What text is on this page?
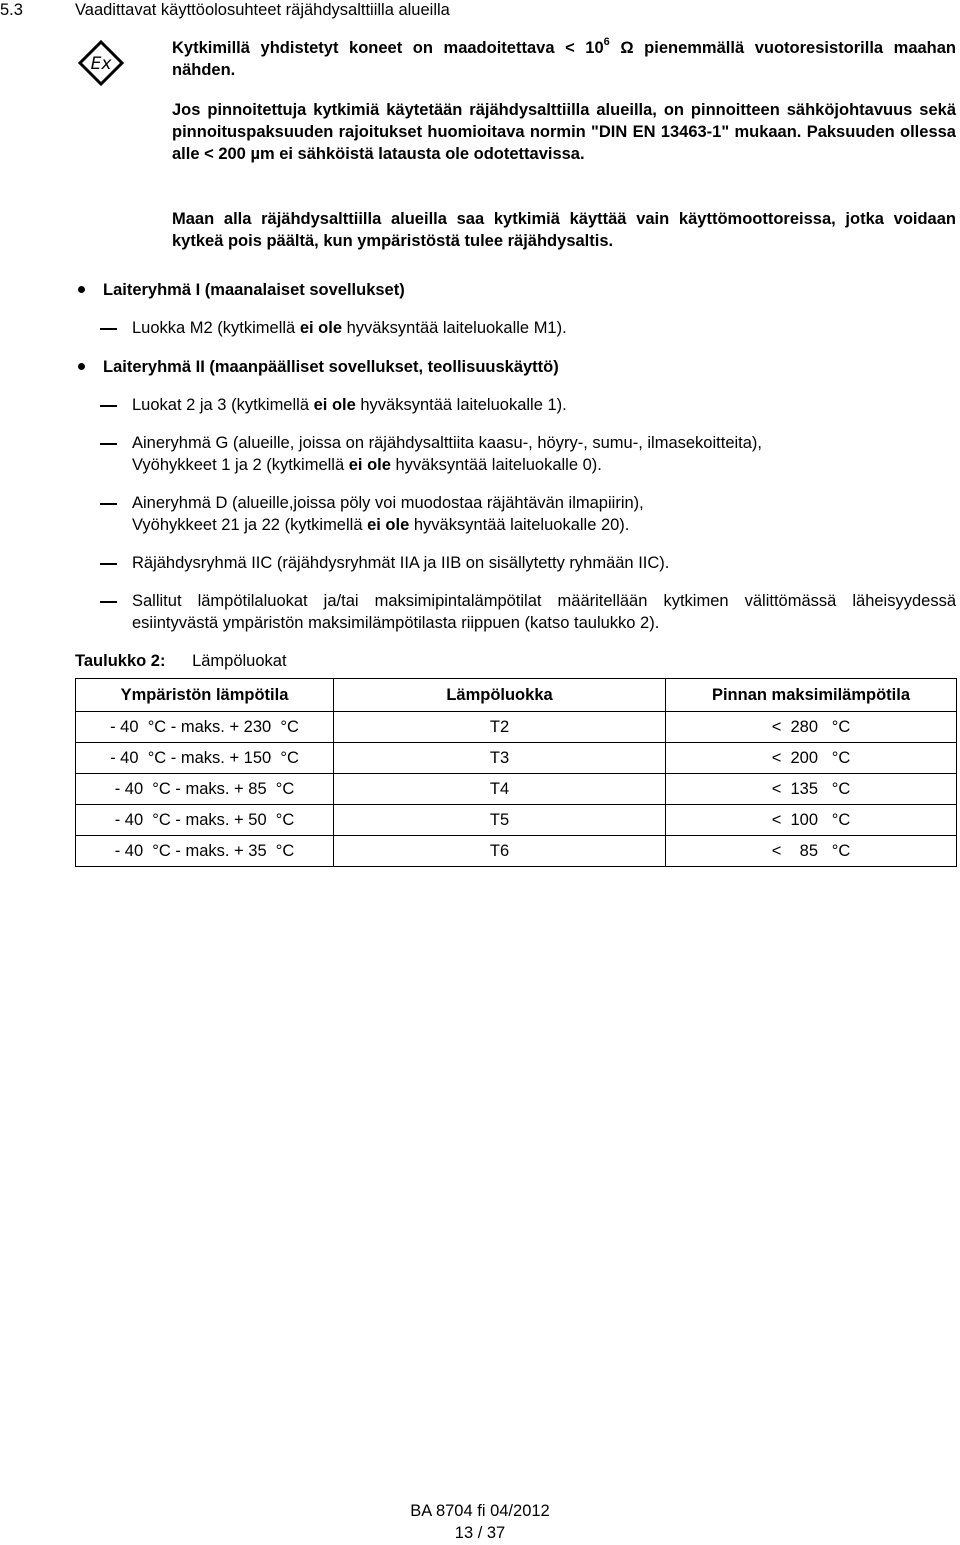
5.3	Vaadittavat käyttöolosuhteet räjähdysalttiilla alueilla
Ex
Kytkimillä yhdistetyt koneet on maadoitettava < $10^6$ Ω pienemmällä vuotoresistorilla maahan nähden.
Jos pinnoitettuja kytkimiä käytetään räjähdysalttiilla alueilla, on pinnoitteen sähköjohtavuus sekä pinnoituspaksuuden rajoitukset huomioitava normin "DIN EN 13463-1" mukaan. Paksuuden ollessa alle < 200 µm ei sähköistä latausta ole odotettavissa.
Maan alla räjähdysalttiilla alueilla saa kytkimiä käyttää vain käyttömoottoreissa, jotka voidaan kytkeä pois päältä, kun ympäristöstä tulee räjähdysaltis.
Laiteryhmä I (maanalaiset sovellukset)
Luokka M2 (kytkimellä ei ole hyväksyntää laiteluokalle M1).
Laiteryhmä II (maanpäälliset sovellukset, teollisuuskäyttö)
Luokat 2 ja 3 (kytkimellä ei ole hyväksyntää laiteluokalle 1).
Aineryhmä G (alueille, joissa on räjähdysalttiita kaasu-, höyry-, sumu-, ilmasekoitteita),
Vyöhykkeet 1 ja 2 (kytkimellä ei ole hyväksyntää laiteluokalle 0).
Aineryhmä D (alueille,joissa pöly voi muodostaa räjähtävän ilmapiirin),
Vyöhykkeet 21 ja 22 (kytkimellä ei ole hyväksyntää laiteluokalle 20).
Räjähdysryhmä IIC (räjähdysryhmät IIA ja IIB on sisällytetty ryhmään IIC).
Sallitut lämpötilaluokat ja/tai maksimipintalämpötilat määritellään kytkimen välittömässä läheisyydessä esiintyvästä ympäristön maksimilämpötilasta riippuen (katso taulukko 2).
Taulukko 2: Lämpöluokat
Ympäristön lämpötila	Lämpöluokka	Pinnan maksimilämpötila
- 40  °C - maks. + 230  °C	T2	<  280   °C
- 40  °C - maks. + 150  °C	T3	<  200   °C
- 40  °C - maks. + 85  °C	T4	<  135   °C
- 40  °C - maks. + 50  °C	T5	<  100   °C
- 40  °C - maks. + 35  °C	T6	<    85   °C
BA 8704 fi 04/2012
13 / 37
